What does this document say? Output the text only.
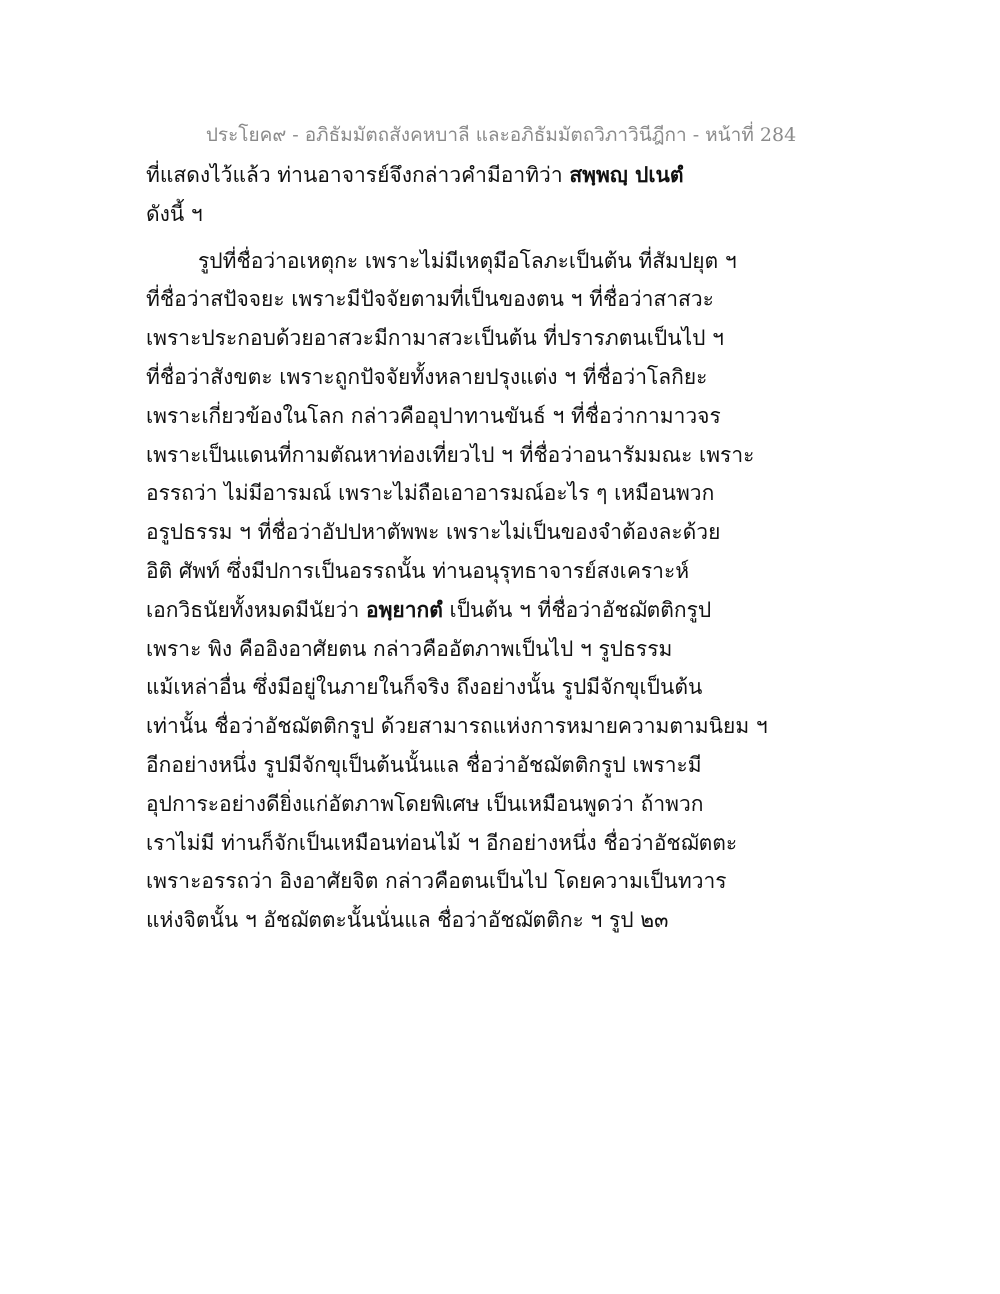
ประโยค๙ - อภิธัมมัตถสังคหบาลี และอภิธัมมัตถวิภาวินีฎีกา - หน้าที่ 284
ที่แสดงไว้แล้ว ท่านอาจารย์จึงกล่าวคำมีอาทิว่า สพฺพญฺ ปเนตํ
ดังนี้ ฯ
รูปที่ชื่อว่าอเหตุกะ เพราะไม่มีเหตุมีอโลภะเป็นต้น ที่สัมปยุต ฯ
ที่ชื่อว่าสปัจจยะ เพราะมีปัจจัยตามที่เป็นของตน ฯ ที่ชื่อว่าสาสวะ
เพราะประกอบด้วยอาสวะมีกามาสวะเป็นต้น ที่ปรารภตนเป็นไป ฯ
ที่ชื่อว่าสังขตะ เพราะถูกปัจจัยทั้งหลายปรุงแต่ง ฯ ที่ชื่อว่าโลกิยะ
เพราะเกี่ยวข้องในโลก กล่าวคืออุปาทานขันธ์ ฯ ที่ชื่อว่ากามาวจร
เพราะเป็นแดนที่กามตัณหาท่องเที่ยวไป ฯ ที่ชื่อว่าอนารัมมณะ เพราะ
อรรถว่า ไม่มีอารมณ์ เพราะไม่ถือเอาอารมณ์อะไร ๆ เหมือนพวก
อรูปธรรม ฯ ที่ชื่อว่าอัปปหาตัพพะ เพราะไม่เป็นของจำต้องละด้วย
อิติ ศัพท์ ซึ่งมีปการเป็นอรรถนั้น ท่านอนุรุทธาจารย์สงเคราะห์
เอกวิธนัยทั้งหมดมีนัยว่า อพฺยากตํ เป็นต้น ฯ ที่ชื่อว่าอัชฌัตติกรูป
เพราะ พิง คืออิงอาศัยตน กล่าวคืออัตภาพเป็นไป ฯ รูปธรรม
แม้เหล่าอื่น ซึ่งมีอยู่ในภายในก็จริง ถึงอย่างนั้น รูปมีจักขุเป็นต้น
เท่านั้น ชื่อว่าอัชฌัตติกรูป ด้วยสามารถแห่งการหมายความตามนิยม ฯ
อีกอย่างหนึ่ง รูปมีจักขุเป็นต้นนั้นแล ชื่อว่าอัชฌัตติกรูป เพราะมี
อุปการะอย่างดียิ่งแก่อัตภาพโดยพิเศษ เป็นเหมือนพูดว่า ถ้าพวก
เราไม่มี ท่านก็จักเป็นเหมือนท่อนไม้ ฯ อีกอย่างหนึ่ง ชื่อว่าอัชฌัตตะ
เพราะอรรถว่า อิงอาศัยจิต กล่าวคือตนเป็นไป โดยความเป็นทวาร
แห่งจิตนั้น ฯ อัชฌัตตะนั้นนั่นแล ชื่อว่าอัชฌัตติกะ ฯ รูป ๒๓
